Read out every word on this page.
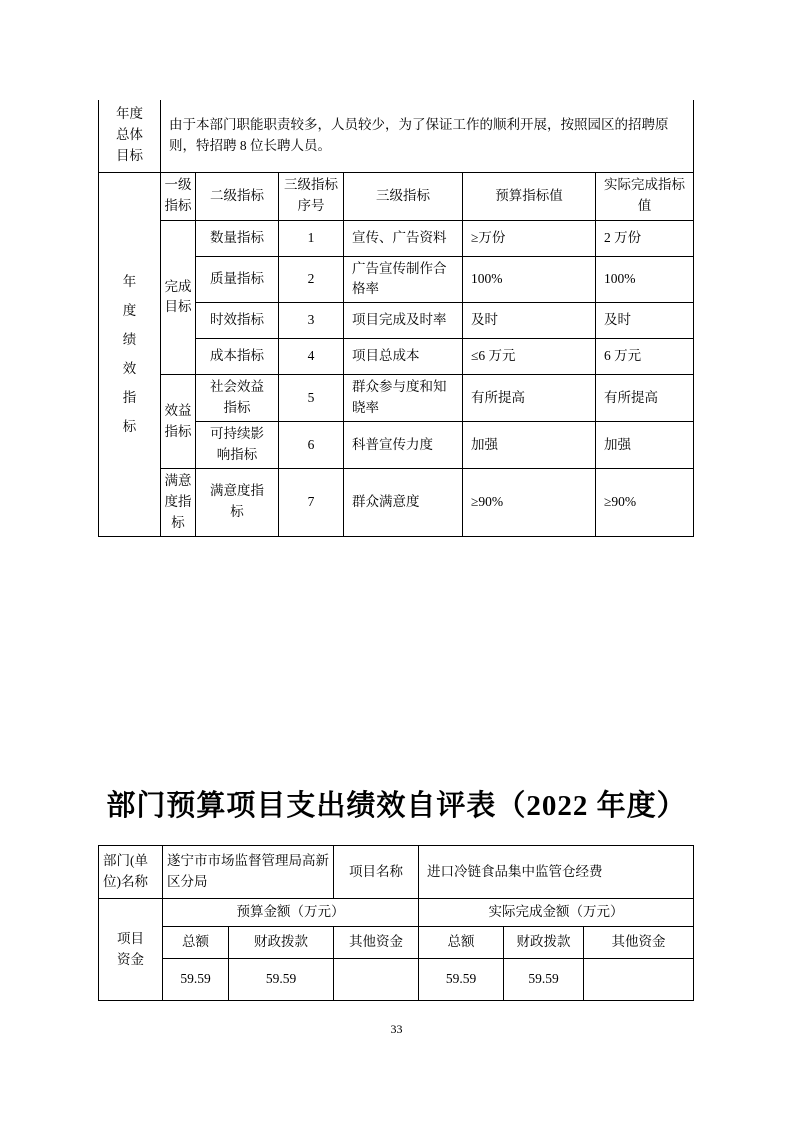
年度总体目标	由于本部门职能职责较多，人员较少，为了保证工作的顺利开展，按照园区的招聘原则，特招聘 8 位长聘人员。					

年度绩效指标	一级指标	二级指标	三级指标序号	三级指标	预算指标值	实际完成指标值
	完成目标	数量指标	1	宣传、广告资料	≥万份	2 万份
		质量指标	2	广告宣传制作合格率	100%	100%
		时效指标	3	项目完成及时率	及时	及时
		成本指标	4	项目总成本	≤6 万元	6 万元
	效益指标	社会效益指标	5	群众参与度和知晓率	有所提高	有所提高
		可持续影响指标	6	科普宣传力度	加强	加强
	满意度指标	满意度指标	7	群众满意度	≥90%	≥90%
部门预算项目支出绩效自评表（2022 年度）
部门(单位)名称	遂宁市市场监督管理局高新区分局		项目名称	进口冷链食品集中监管仓经费		
项目资金	预算金额（万元）			实际完成金额（万元）		
	总额	财政拨款	其他资金	总额	财政拨款	其他资金
	59.59	59.59		59.59	59.59	
33
